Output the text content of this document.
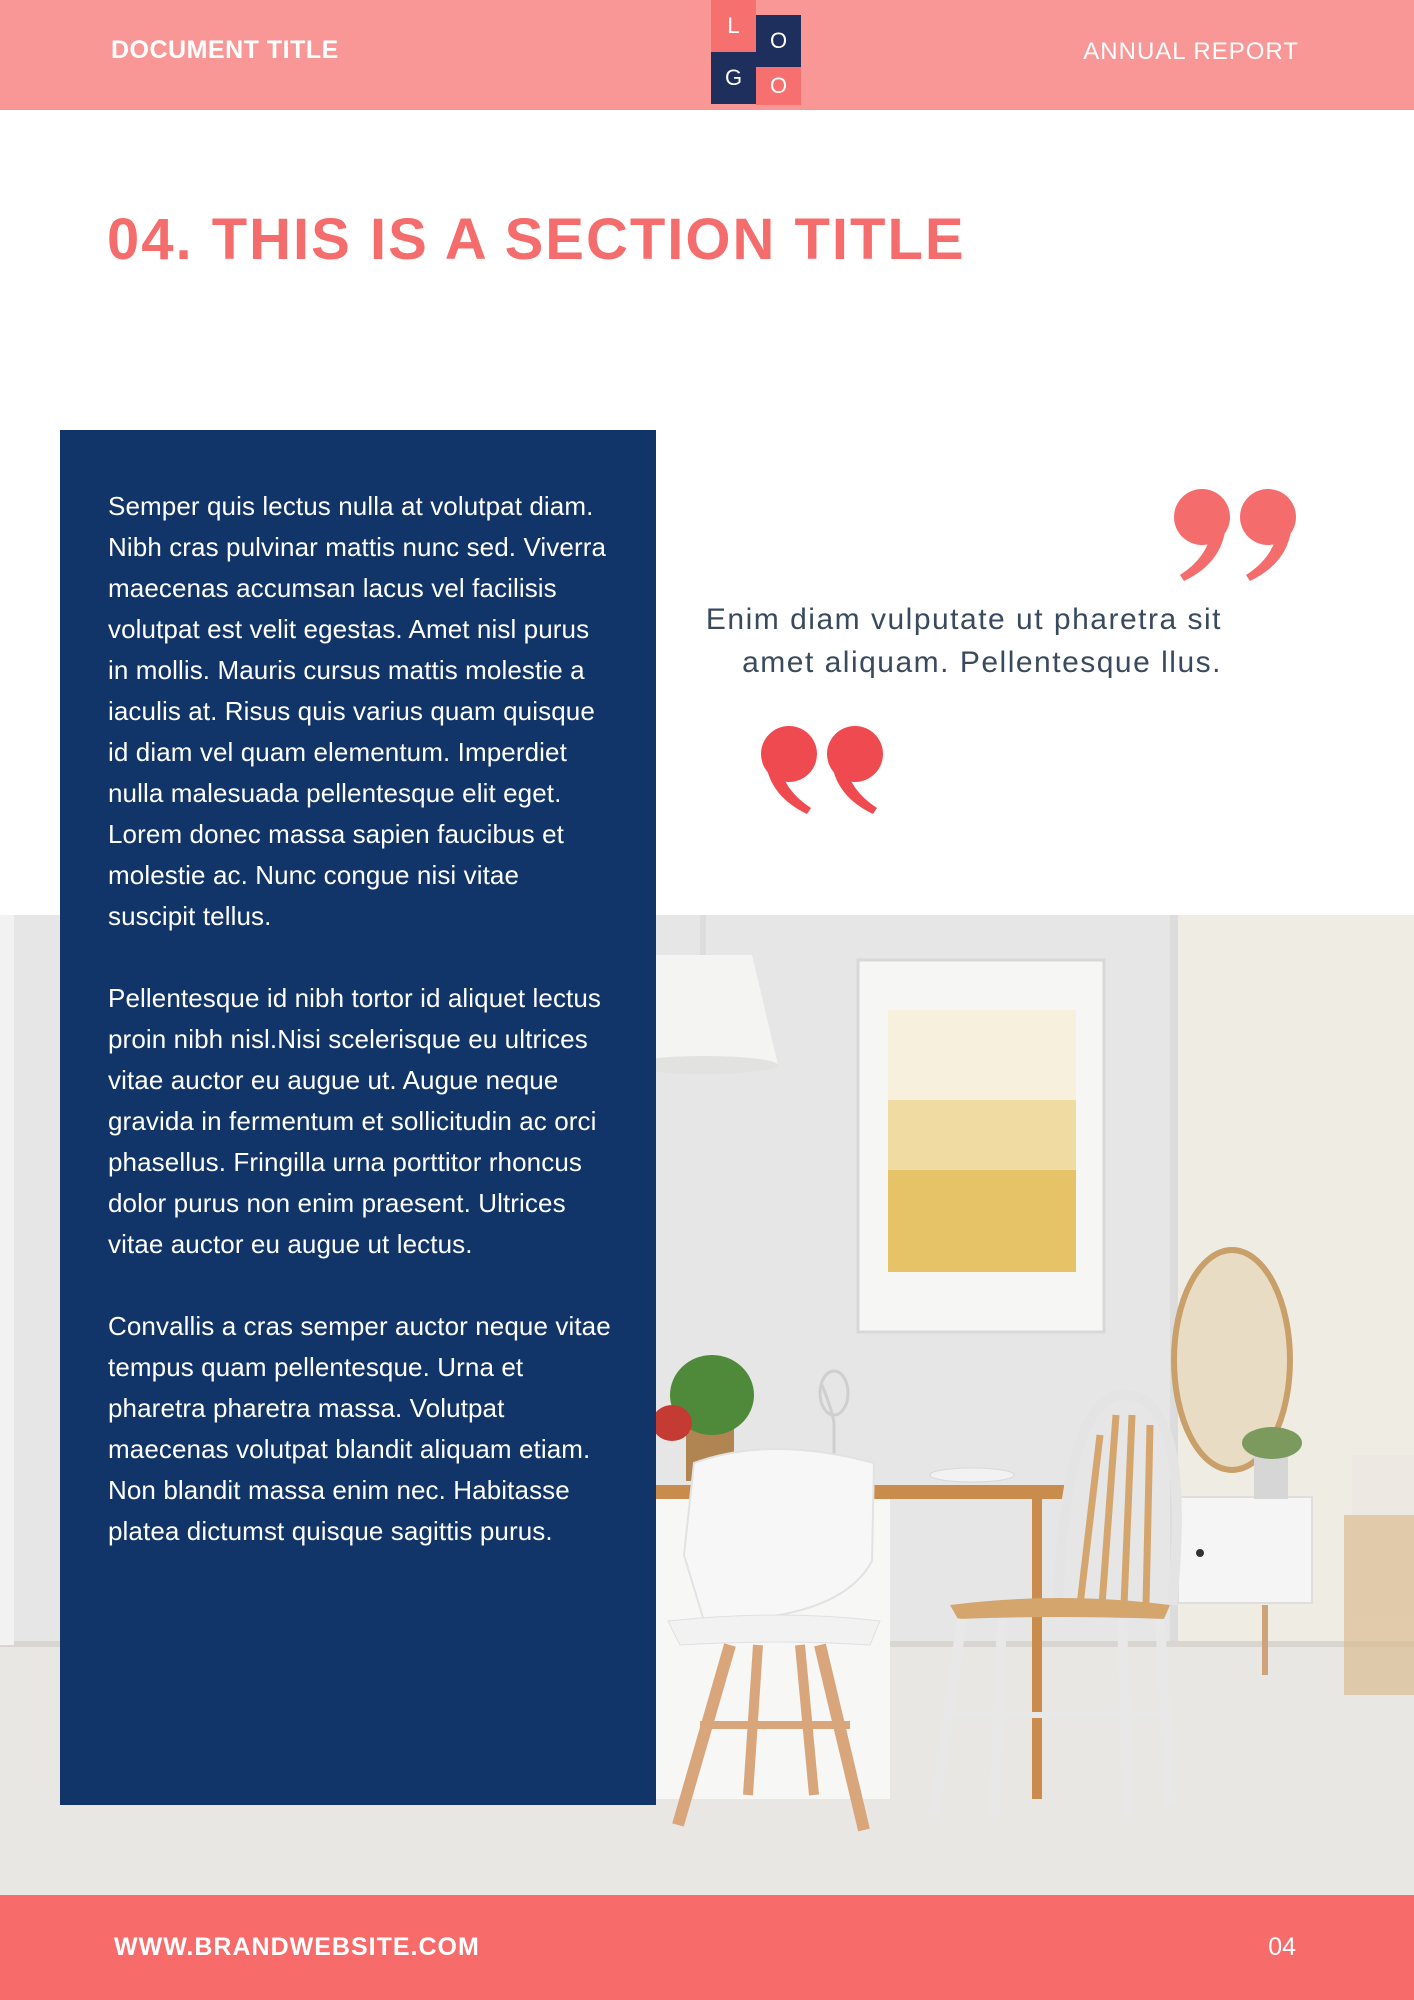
DOCUMENT TITLE
L
O
G	O
ANNUAL REPORT
04. THIS IS A SECTION TITLE

Semper quis lectus nulla at volutpat diam. Nibh cras pulvinar mattis nunc sed. Viverra maecenas accumsan lacus vel facilisis volutpat est velit egestas. Amet nisl purus in mollis. Mauris cursus mattis molestie a iaculis at. Risus quis varius quam quisque id diam vel quam elementum. Imperdiet nulla malesuada pellentesque elit eget. Lorem donec massa sapien faucibus et molestie ac. Nunc congue nisi vitae suscipit tellus.

Pellentesque id nibh tortor id aliquet lectus proin nibh nisl.Nisi scelerisque eu ultrices vitae auctor eu augue ut. Augue neque gravida in fermentum et sollicitudin ac orci phasellus. Fringilla urna porttitor rhoncus dolor purus non enim praesent. Ultrices vitae auctor eu augue ut lectus.

Convallis a cras semper auctor neque vitae tempus quam pellentesque. Urna et pharetra pharetra massa. Volutpat maecenas volutpat blandit aliquam etiam. Non blandit massa enim nec. Habitasse platea dictumst quisque sagittis purus.

Enim diam vulputate ut pharetra sit amet aliquam. Pellentesque llus.
WWW.BRANDWEBSITE.COM	04
